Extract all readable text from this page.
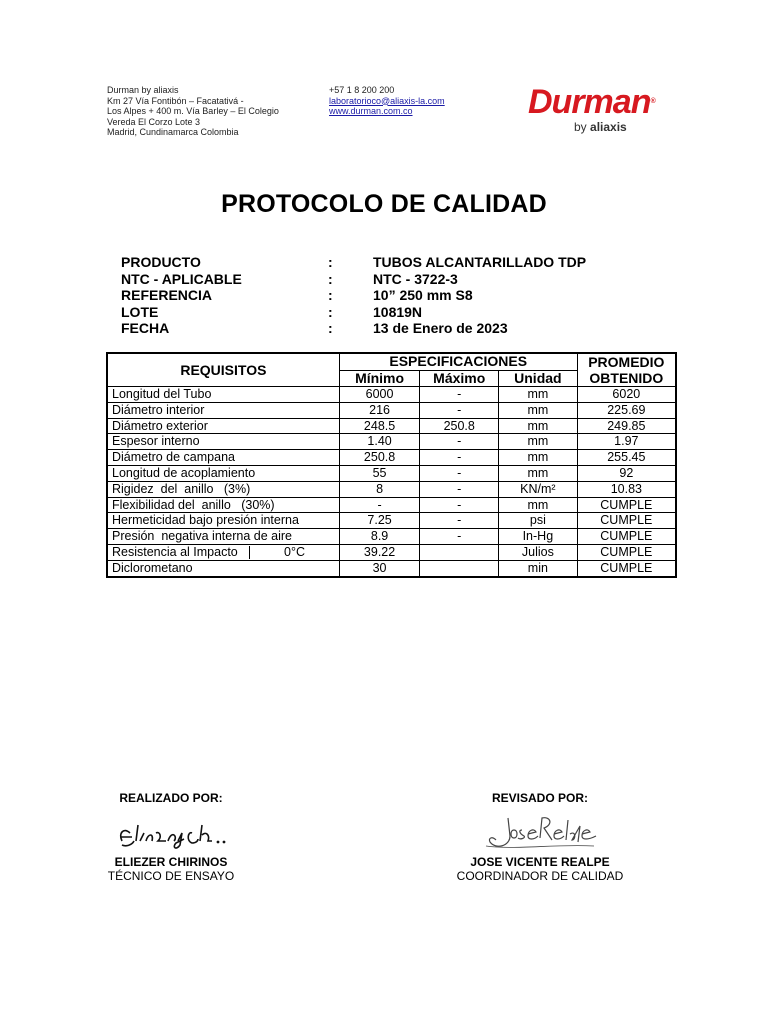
Durman by aliaxis
Km 27 Vía Fontibón – Facatativá -
Los Alpes + 400 m. Vía Barley – El Colegio
Vereda El Corzo Lote 3
Madrid, Cundinamarca Colombia
+57 1 8 200 200
laboratorioco@aliaxis-la.com
www.durman.com.co	Durman®
by aliaxis
PROTOCOLO DE CALIDAD
PRODUCTO	:	TUBOS ALCANTARILLADO TDP
NTC - APLICABLE	:	NTC - 3722-3
REFERENCIA	:	10” 250 mm S8
LOTE	:	10819N
FECHA	:	13 de Enero de 2023
REQUISITOS	ESPECIFICACIONES			PROMEDIO OBTENIDO
	Mínimo	Máximo	Unidad	
Longitud del Tubo	6000	-	mm	6020
Diámetro interior	216	-	mm	225.69
Diámetro exterior	248.5	250.8	mm	249.85
Espesor interno	1.40	-	mm	1.97
Diámetro de campana	250.8	-	mm	255.45
Longitud de acoplamiento	55	-	mm	92
Rigidez  del  anillo   (3%)	8	-	KN/m²	10.83
Flexibilidad del  anillo   (30%)	-	-	mm	CUMPLE
Hermeticidad bajo presión interna	7.25	-	psi	CUMPLE
Presión  negativa interna de aire	8.9	-	In-Hg	CUMPLE
Resistencia al Impacto 0°C	39.22		Julios	CUMPLE
Diclorometano	30		min	CUMPLE
REALIZADO POR:
ELIEZER CHIRINOS
TÉCNICO DE ENSAYO
REVISADO POR:
JOSE VICENTE REALPE
COORDINADOR DE CALIDAD
